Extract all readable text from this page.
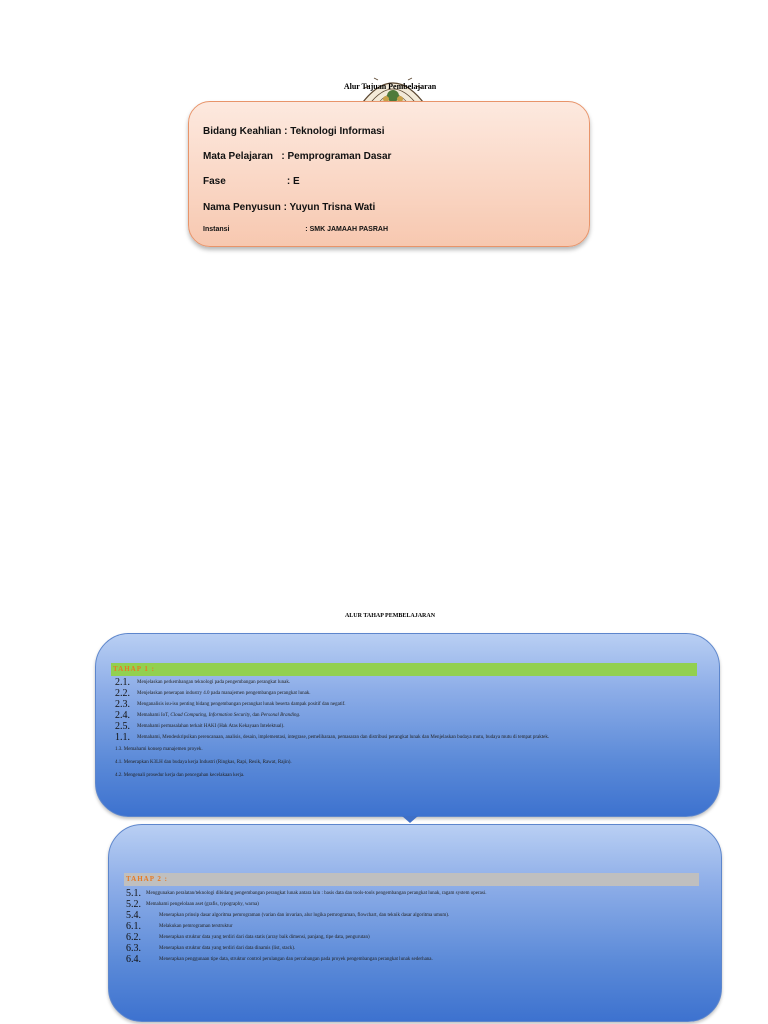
Alur Tujuan Pembelajaran
Bidang Keahlian : Teknologi Informasi
Mata Pelajaran   : Pemprograman Dasar
Fase                      : E
Nama Penyusun : Yuyun Trisna Wati
Instansi                                       : SMK JAMAAH PASRAH
ALUR TAHAP PEMBELAJARAN
TAHAP 1 :
2.1. Menjelaskan perkembangan teknologi pada pengembangan perangkat lunak.
2.2. Menjelaskan penerapan industry 4.0 pada manajemen pengembangan perangkat lunak.
2.3. Menganalisis isu-isu penting bidang pengembangan perangkat lunak beserta dampak positif dan negatif.
2.4. Memahami IoT, Cloud Computing, Information Security, dan Personal Branding.
2.5. Memahami permasalahan terkait HAKI (Hak Atas Kekayaan Intelektual).
1.1. Memahami, Mendeskripsikan perencanaan, analisis, desain, implementasi, integrase, pemeliharaan, pemasaran dan distribusi perangkat lunak dan Menjelaskan budaya mutu, budaya mutu di tempat praktek.
1.3. Memahami konsep manajemen proyek.
4.1. Menerapkan K3LH dan budaya kerja Industri (Ringkas, Rapi, Resik, Rawat, Rajin).
4.2. Mengenali prosedur kerja dan pencegahan kecelakaan kerja.
TAHAP 2 :
5.1. Menggunakan peralatan/teknologi dibidang pengembangan perangkat lunak antara lain : basis data dan tools-tools pengembangan perangkat lunak, ragam system operasi.
5.2. Memahami pengelolaan aset (grafis, typography, warna)
5.4.	Menerapkan prinsip dasar algoritma pemrograman (varian dan invarian, alur logika pemrograman, flowchart, dan teknik dasar algoritma umum).
6.1.	Melakukan pemrograman terstruktur
6.2.	Menerapkan struktur data yang terdiri dari data statis (array baik dimensi, panjang, tipe data, pengurutan)
6.3.	Menerapkan struktur data yang terdiri dari data dinamis (list, stack).
6.4.	Menerapkan penggunaan tipe data, struktur control perulangan dan percabangan pada proyek pengembangan perangkat lunak sederhana.
